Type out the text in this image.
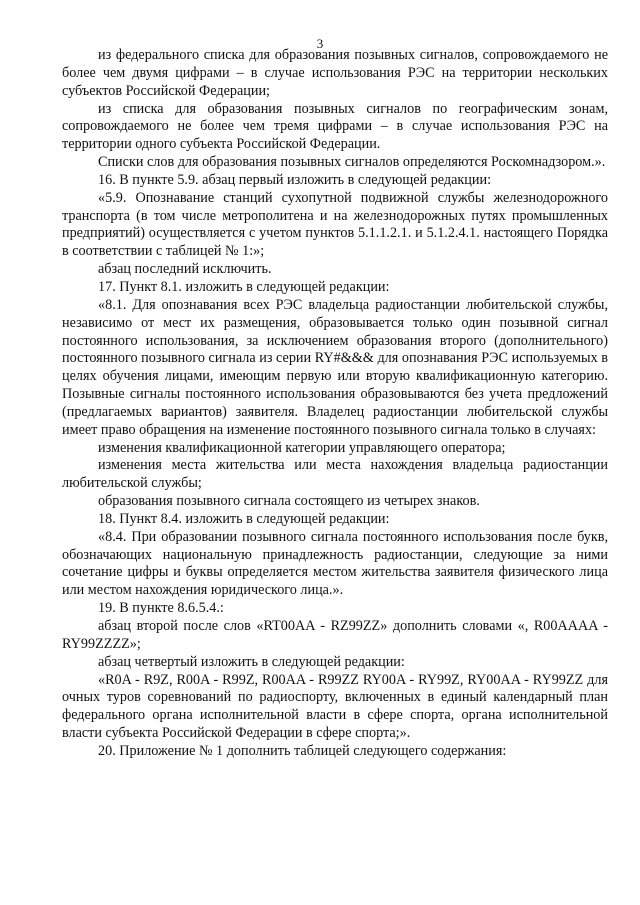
3

из федерального списка для образования позывных сигналов, сопровождаемого не более чем двумя цифрами – в случае использования РЭС на территории нескольких субъектов Российской Федерации;

из списка для образования позывных сигналов по географическим зонам, сопровождаемого не более чем тремя цифрами – в случае использования РЭС на территории одного субъекта Российской Федерации.

Списки слов для образования позывных сигналов определяются Роскомнадзором.».

16. В пункте 5.9. абзац первый изложить в следующей редакции:

«5.9. Опознавание станций сухопутной подвижной службы железнодорожного транспорта (в том числе метрополитена и на железнодорожных путях промышленных предприятий) осуществляется с учетом пунктов 5.1.1.2.1. и 5.1.2.4.1. настоящего Порядка в соответствии с таблицей № 1:»;

абзац последний исключить.

17. Пункт 8.1. изложить в следующей редакции:

«8.1. Для опознавания всех РЭС владельца радиостанции любительской службы, независимо от мест их размещения, образовывается только один позывной сигнал постоянного использования, за исключением образования второго (дополнительного) постоянного позывного сигнала из серии RY#&&& для опознавания РЭС используемых в целях обучения лицами, имеющим первую или вторую квалификационную категорию. Позывные сигналы постоянного использования образовываются без учета предложений (предлагаемых вариантов) заявителя. Владелец радиостанции любительской службы имеет право обращения на изменение постоянного позывного сигнала только в случаях:

изменения квалификационной категории управляющего оператора;

изменения места жительства или места нахождения владельца радиостанции любительской службы;

образования позывного сигнала состоящего из четырех знаков.

18. Пункт 8.4. изложить в следующей редакции:

«8.4. При образовании позывного сигнала постоянного использования после букв, обозначающих национальную принадлежность радиостанции, следующие за ними сочетание цифры и буквы определяется местом жительства заявителя физического лица или местом нахождения юридического лица.».

19. В пункте 8.6.5.4.:

абзац второй после слов «RT00AA - RZ99ZZ» дополнить словами «, R00AAAA - RY99ZZZZ»;

абзац четвертый изложить в следующей редакции:

«R0A - R9Z, R00A - R99Z, R00AA - R99ZZ RY00A - RY99Z, RY00AA - RY99ZZ для очных туров соревнований по радиоспорту, включенных в единый календарный план федерального органа исполнительной власти в сфере спорта, органа исполнительной власти субъекта Российской Федерации в сфере спорта;».

20. Приложение № 1 дополнить таблицей следующего содержания:
